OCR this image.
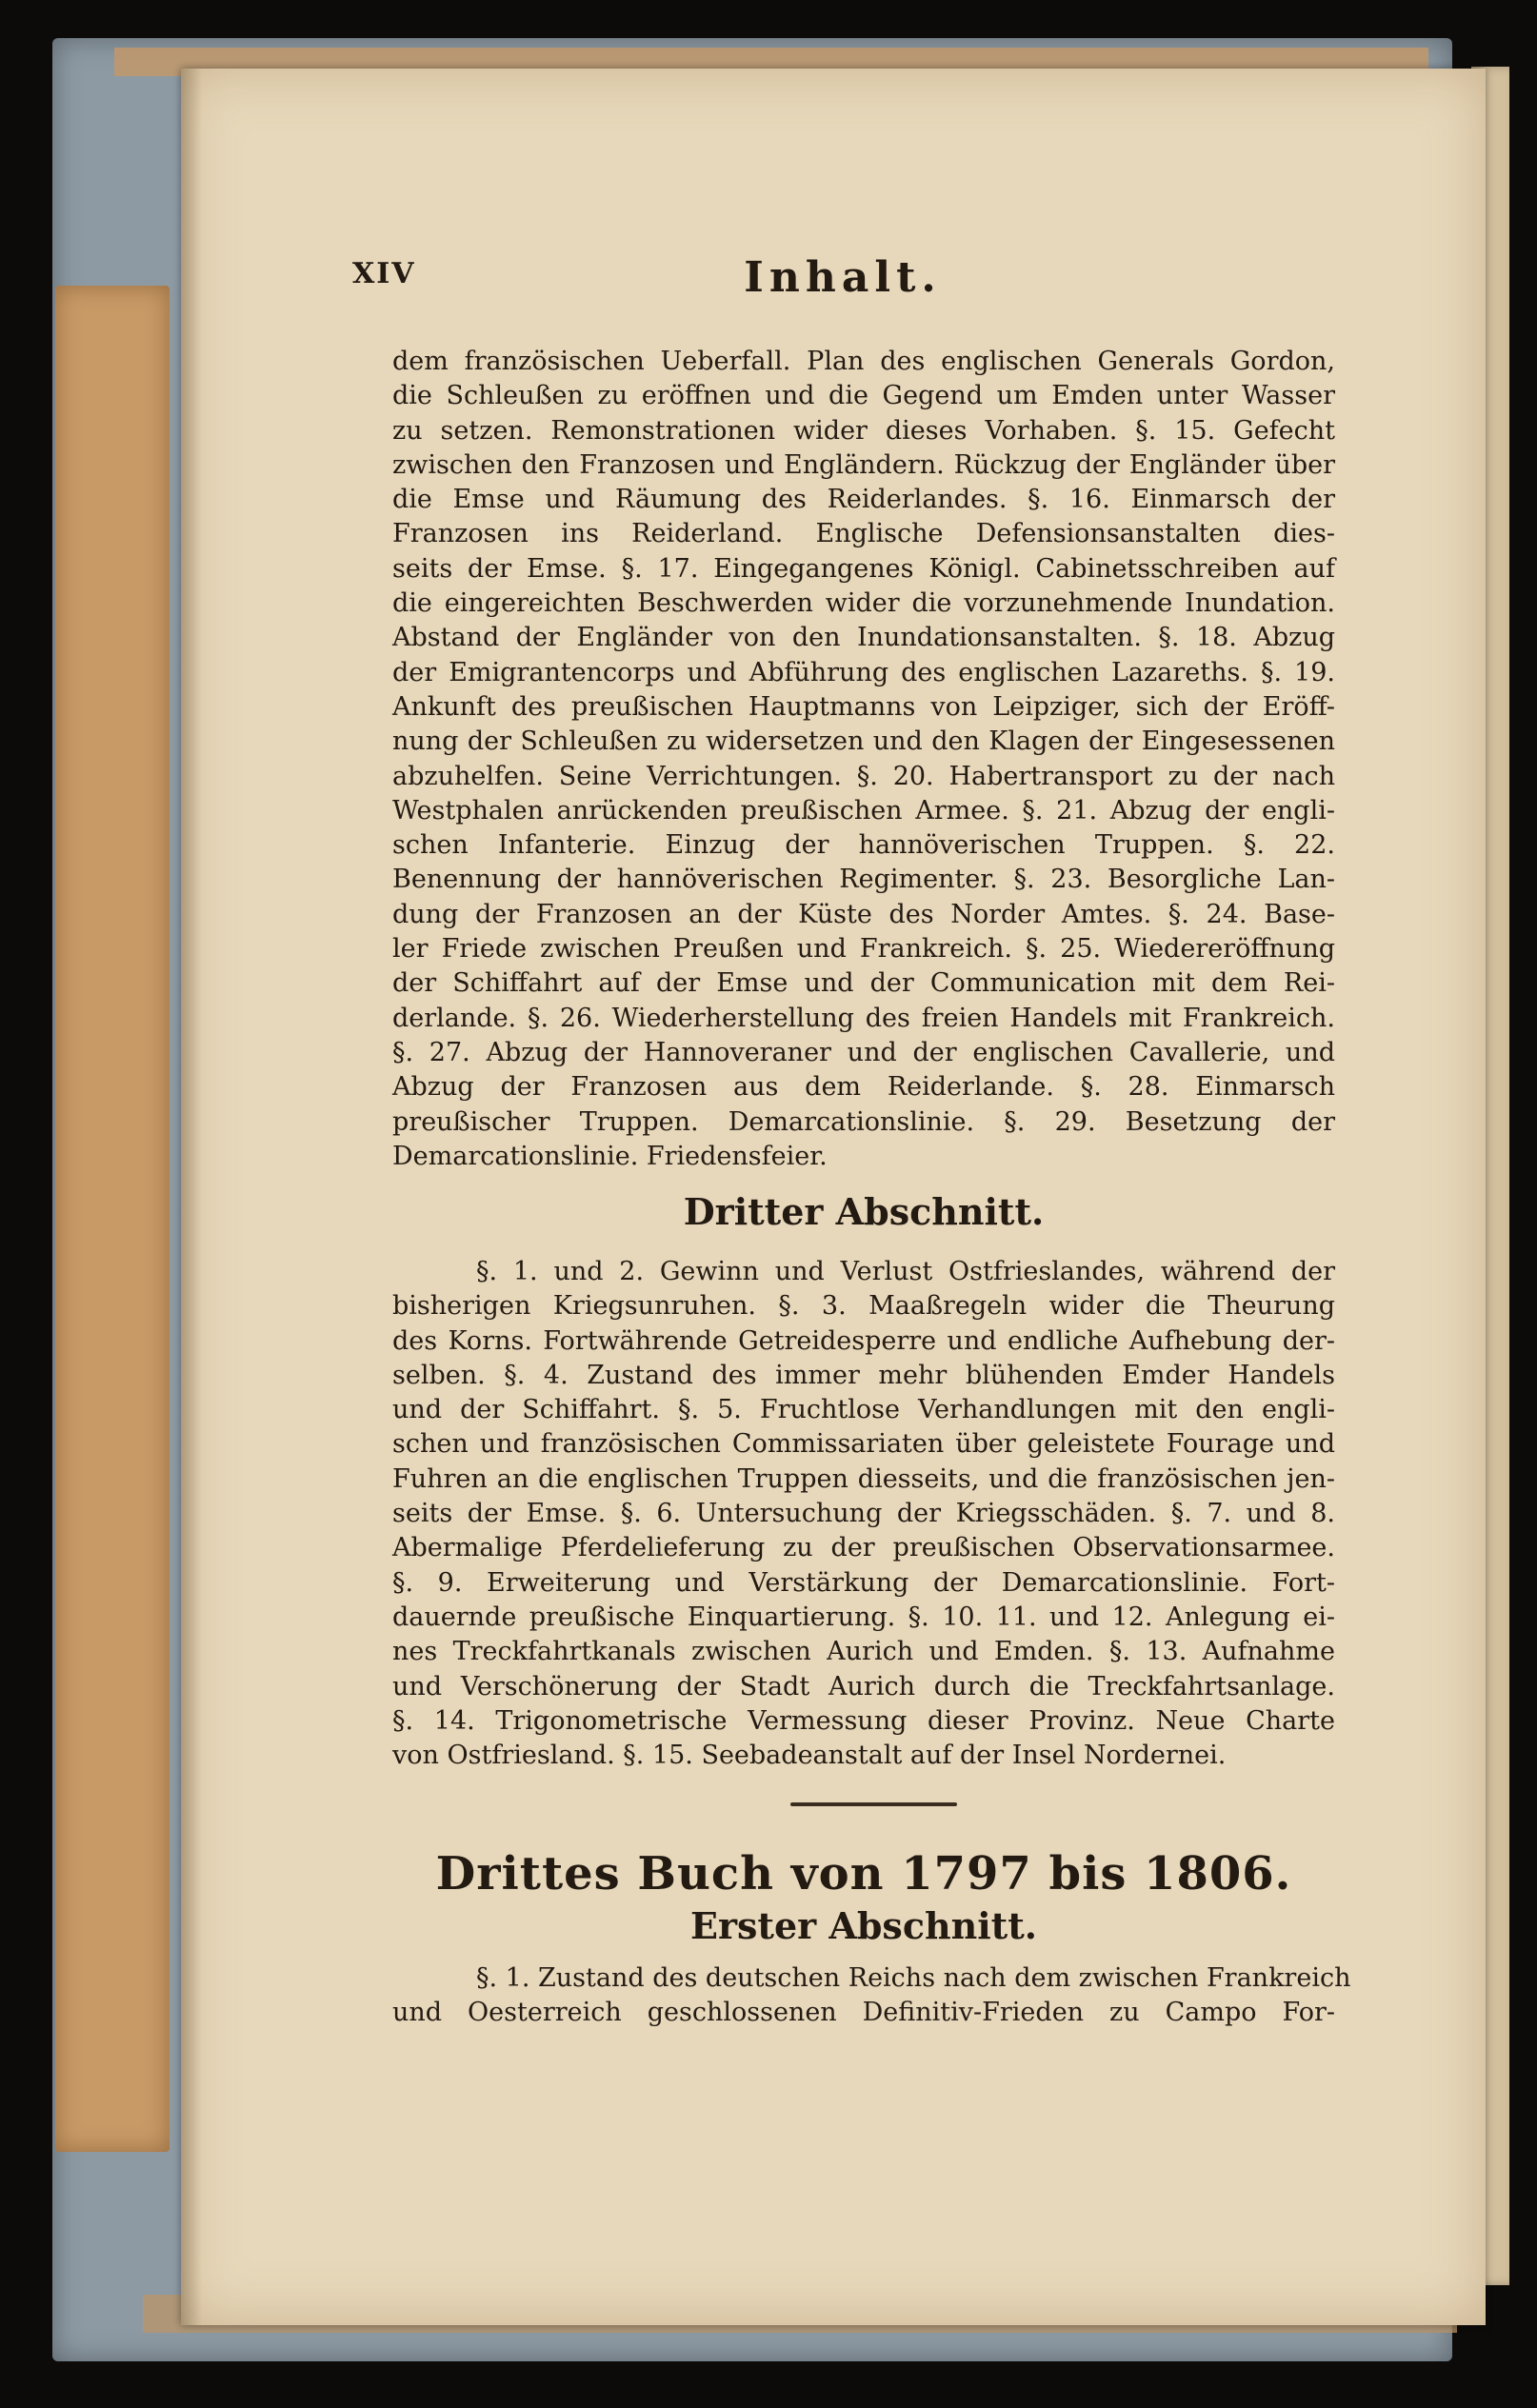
XIV	Inhalt.
dem französischen Ueberfall. Plan des englischen Generals Gordon,
die Schleußen zu eröffnen und die Gegend um Emden unter Wasser
zu setzen. Remonstrationen wider dieses Vorhaben. §. 15. Gefecht
zwischen den Franzosen und Engländern. Rückzug der Engländer über
die Emse und Räumung des Reiderlandes. §. 16. Einmarsch der
Franzosen ins Reiderland. Englische Defensionsanstalten dies-
seits der Emse. §. 17. Eingegangenes Königl. Cabinetsschreiben auf
die eingereichten Beschwerden wider die vorzunehmende Inundation.
Abstand der Engländer von den Inundationsanstalten. §. 18. Abzug
der Emigrantencorps und Abführung des englischen Lazareths. §. 19.
Ankunft des preußischen Hauptmanns von Leipziger, sich der Eröff-
nung der Schleußen zu widersetzen und den Klagen der Eingesessenen
abzuhelfen. Seine Verrichtungen. §. 20. Habertransport zu der nach
Westphalen anrückenden preußischen Armee. §. 21. Abzug der engli-
schen Infanterie. Einzug der hannöverischen Truppen. §. 22.
Benennung der hannöverischen Regimenter. §. 23. Besorgliche Lan-
dung der Franzosen an der Küste des Norder Amtes. §. 24. Base-
ler Friede zwischen Preußen und Frankreich. §. 25. Wiedereröffnung
der Schiffahrt auf der Emse und der Communication mit dem Rei-
derlande. §. 26. Wiederherstellung des freien Handels mit Frankreich.
§. 27. Abzug der Hannoveraner und der englischen Cavallerie, und
Abzug der Franzosen aus dem Reiderlande. §. 28. Einmarsch
preußischer Truppen. Demarcationslinie. §. 29. Besetzung der
Demarcationslinie. Friedensfeier.
Dritter Abschnitt.
§. 1. und 2. Gewinn und Verlust Ostfrieslandes, während der
bisherigen Kriegsunruhen. §. 3. Maaßregeln wider die Theurung
des Korns. Fortwährende Getreidesperre und endliche Aufhebung der-
selben. §. 4. Zustand des immer mehr blühenden Emder Handels
und der Schiffahrt. §. 5. Fruchtlose Verhandlungen mit den engli-
schen und französischen Commissariaten über geleistete Fourage und
Fuhren an die englischen Truppen diesseits, und die französischen jen-
seits der Emse. §. 6. Untersuchung der Kriegsschäden. §. 7. und 8.
Abermalige Pferdelieferung zu der preußischen Observationsarmee.
§. 9. Erweiterung und Verstärkung der Demarcationslinie. Fort-
dauernde preußische Einquartierung. §. 10. 11. und 12. Anlegung ei-
nes Treckfahrtkanals zwischen Aurich und Emden. §. 13. Aufnahme
und Verschönerung der Stadt Aurich durch die Treckfahrtsanlage.
§. 14. Trigonometrische Vermessung dieser Provinz. Neue Charte
von Ostfriesland. §. 15. Seebadeanstalt auf der Insel Nordernei.
Drittes Buch von 1797 bis 1806.
Erster Abschnitt.
§. 1. Zustand des deutschen Reichs nach dem zwischen Frankreich
und Oesterreich geschlossenen Definitiv-Frieden zu Campo For-
